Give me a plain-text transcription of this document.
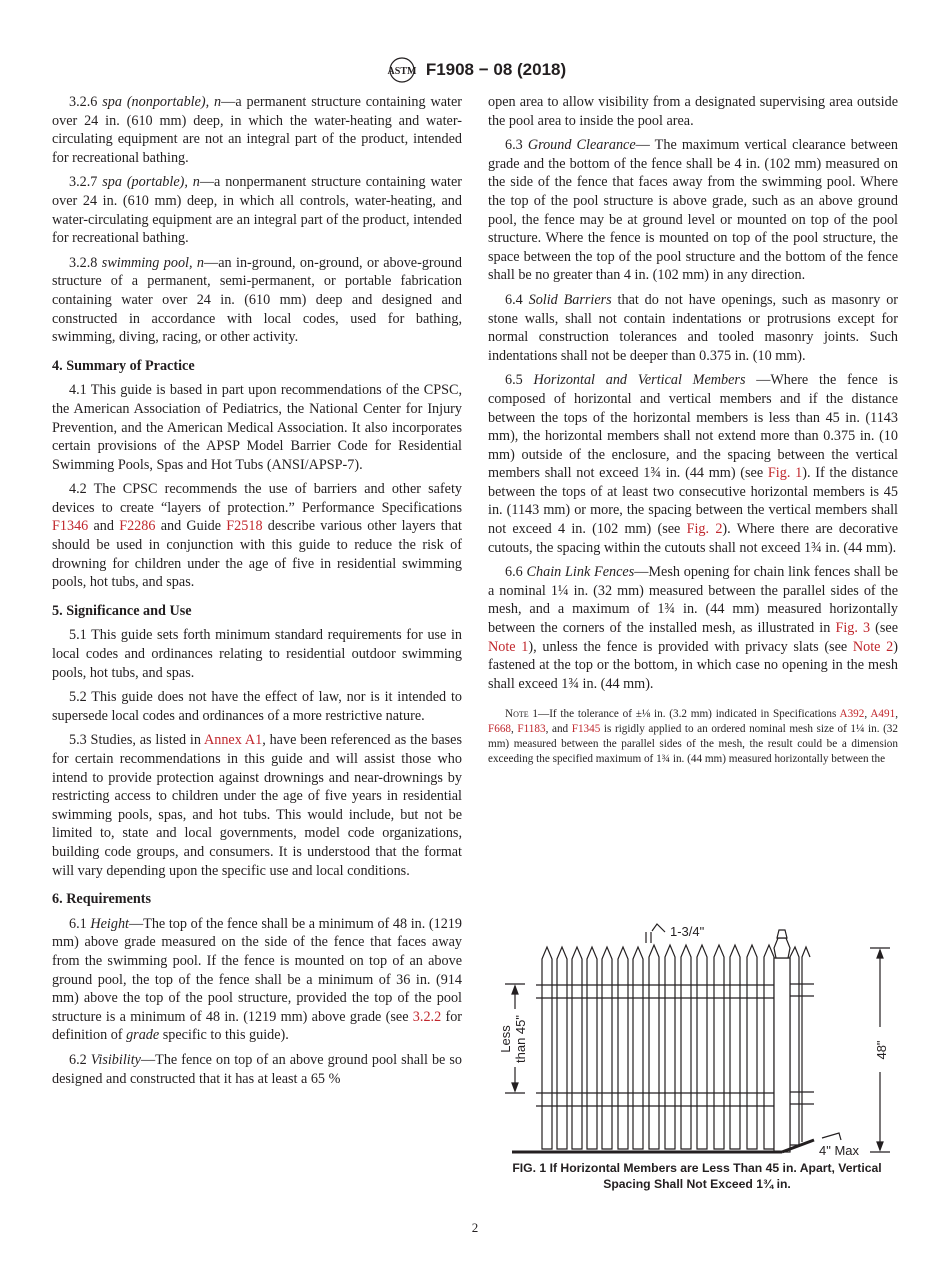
ASTM F1908 − 08 (2018)

3.2.6 spa (nonportable), n—a permanent structure containing water over 24 in. (610 mm) deep, in which the water-heating and water-circulating equipment are not an integral part of the product, intended for recreational bathing.

3.2.7 spa (portable), n—a nonpermanent structure containing water over 24 in. (610 mm) deep, in which all controls, water-heating, and water-circulating equipment are an integral part of the product, intended for recreational bathing.

3.2.8 swimming pool, n—an in-ground, on-ground, or above-ground structure of a permanent, semi-permanent, or portable fabrication containing water over 24 in. (610 mm) deep and designed and constructed in accordance with local codes, used for bathing, swimming, diving, racing, or other activity.

4. Summary of Practice

4.1 This guide is based in part upon recommendations of the CPSC, the American Association of Pediatrics, the National Center for Injury Prevention, and the American Medical Association. It also incorporates certain provisions of the APSP Model Barrier Code for Residential Swimming Pools, Spas and Hot Tubs (ANSI/APSP-7).

4.2 The CPSC recommends the use of barriers and other safety devices to create “layers of protection.” Performance Specifications F1346 and F2286 and Guide F2518 describe various other layers that should be used in conjunction with this guide to reduce the risk of drowning for children under the age of five in residential swimming pools, hot tubs, and spas.

5. Significance and Use

5.1 This guide sets forth minimum standard requirements for use in local codes and ordinances relating to residential outdoor swimming pools, hot tubs, and spas.

5.2 This guide does not have the effect of law, nor is it intended to supersede local codes and ordinances of a more restrictive nature.

5.3 Studies, as listed in Annex A1, have been referenced as the bases for certain recommendations in this guide and will assist those who intend to provide protection against drownings and near-drownings by restricting access to children under the age of five years in residential swimming pools, spas, and hot tubs. This would include, but not be limited to, state and local governments, model code organizations, building code groups, and consumers. It is understood that the format will vary depending upon the specific use and local conditions.

6. Requirements

6.1 Height—The top of the fence shall be a minimum of 48 in. (1219 mm) above grade measured on the side of the fence that faces away from the swimming pool. If the fence is mounted on top of an above ground pool, the top of the fence shall be a minimum of 36 in. (914 mm) above the top of the pool structure, provided the top of the pool structure is a minimum of 48 in. (1219 mm) above grade (see 3.2.2 for definition of grade specific to this guide).

6.2 Visibility—The fence on top of an above ground pool shall be so designed and constructed that it has at least a 65 %

open area to allow visibility from a designated supervising area outside the pool area to inside the pool area.

6.3 Ground Clearance— The maximum vertical clearance between grade and the bottom of the fence shall be 4 in. (102 mm) measured on the side of the fence that faces away from the swimming pool. Where the top of the pool structure is above grade, such as an above ground pool, the fence may be at ground level or mounted on top of the pool structure. Where the fence is mounted on top of the pool structure, the space between the top of the pool structure and the bottom of the fence shall be no greater than 4 in. (102 mm) in any direction.

6.4 Solid Barriers that do not have openings, such as masonry or stone walls, shall not contain indentations or protrusions except for normal construction tolerances and tooled masonry joints. Such indentations shall not be deeper than 0.375 in. (10 mm).

6.5 Horizontal and Vertical Members —Where the fence is composed of horizontal and vertical members and if the distance between the tops of the horizontal members is less than 45 in. (1143 mm), the horizontal members shall not extend more than 0.375 in. (10 mm) outside of the enclosure, and the spacing between the vertical members shall not exceed 1¾ in. (44 mm) (see Fig. 1). If the distance between the tops of at least two consecutive horizontal members is 45 in. (1143 mm) or more, the spacing between the vertical members shall not exceed 4 in. (102 mm) (see Fig. 2). Where there are decorative cutouts, the spacing within the cutouts shall not exceed 1¾ in. (44 mm).

6.6 Chain Link Fences—Mesh opening for chain link fences shall be a nominal 1¼ in. (32 mm) measured between the parallel sides of the mesh, and a maximum of 1¾ in. (44 mm) measured horizontally between the corners of the installed mesh, as illustrated in Fig. 3 (see Note 1), unless the fence is provided with privacy slats (see Note 2) fastened at the top or the bottom, in which case no opening in the mesh shall exceed 1¾ in. (44 mm).

Note 1—If the tolerance of ±⅛ in. (3.2 mm) indicated in Specifications A392, A491, F668, F1183, and F1345 is rigidly applied to an ordered nominal mesh size of 1¼ in. (32 mm) measured between the parallel sides of the mesh, the result could be a dimension exceeding the specified maximum of 1¾ in. (44 mm) measured horizontally between the

1-3/4"
4" Max
48"
Less than 45"
FIG. 1 If Horizontal Members are Less Than 45 in. Apart, Vertical
Spacing Shall Not Exceed 1¾ in.
2
